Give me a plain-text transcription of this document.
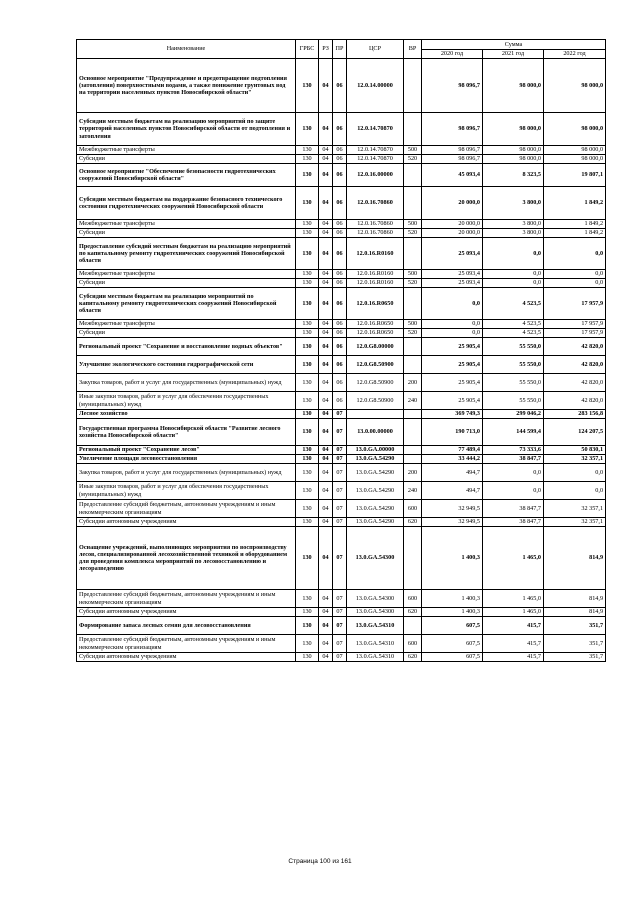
Наименование	ГРБС	РЗ	ПР	ЦСР	ВР	Сумма		
						2020 год	2021 год	2022 год
Основное мероприятие "Предупреждение и предотвращение подтопления (затопления) поверхностными водами, а также понижение грунтовых вод на территории населенных пунктов Новосибирской области"	130	04	06	12.0.14.00000		98 096,7	98 000,0	98 000,0
Субсидии местным бюджетам на реализацию мероприятий по защите территорий населенных пунктов Новосибирской области от подтопления и затопления	130	04	06	12.0.14.70870		98 096,7	98 000,0	98 000,0
Межбюджетные трансферты	130	04	06	12.0.14.70870	500	98 096,7	98 000,0	98 000,0
Субсидии	130	04	06	12.0.14.70870	520	98 096,7	98 000,0	98 000,0
Основное мероприятие "Обеспечение безопасности гидротехнических сооружений Новосибирской области"	130	04	06	12.0.16.00000		45 093,4	8 323,5	19 807,1
Субсидии местным бюджетам на поддержание безопасного технического состояния гидротехнических сооружений Новосибирской области	130	04	06	12.0.16.70860		20 000,0	3 800,0	1 849,2
Межбюджетные трансферты	130	04	06	12.0.16.70860	500	20 000,0	3 800,0	1 849,2
Субсидии	130	04	06	12.0.16.70860	520	20 000,0	3 800,0	1 849,2
Предоставление субсидий местным бюджетам на реализацию мероприятий по капитальному ремонту гидротехнических сооружений Новосибирской области	130	04	06	12.0.16.R0160		25 093,4	0,0	0,0
Межбюджетные трансферты	130	04	06	12.0.16.R0160	500	25 093,4	0,0	0,0
Субсидии	130	04	06	12.0.16.R0160	520	25 093,4	0,0	0,0
Субсидии местным бюджетам на реализацию мероприятий по капитальному ремонту гидротехнических сооружений Новосибирской области	130	04	06	12.0.16.R0650		0,0	4 523,5	17 957,9
Межбюджетные трансферты	130	04	06	12.0.16.R0650	500	0,0	4 523,5	17 957,9
Субсидии	130	04	06	12.0.16.R0650	520	0,0	4 523,5	17 957,9
Региональный проект "Сохранение и восстановление водных объектов"	130	04	06	12.0.G8.00000		25 905,4	55 550,0	42 820,0
Улучшение экологического состояния гидрографической сети	130	04	06	12.0.G8.50900		25 905,4	55 550,0	42 820,0
Закупка товаров, работ и услуг для государственных (муниципальных) нужд	130	04	06	12.0.G8.50900	200	25 905,4	55 550,0	42 820,0
Иные закупки товаров, работ и услуг для обеспечения государственных (муниципальных) нужд	130	04	06	12.0.G8.50900	240	25 905,4	55 550,0	42 820,0
Лесное хозяйство	130	04	07			369 749,3	299 046,2	283 156,8
Государственная программа Новосибирской области "Развитие лесного хозяйства Новосибирской области"	130	04	07	13.0.00.00000		190 713,0	144 599,4	124 207,5
Региональный проект "Сохранение лесов"	130	04	07	13.0.GA.00000		77 489,4	73 333,6	50 830,1
Увеличение площади лесовосстановления	130	04	07	13.0.GA.54290		33 444,2	38 847,7	32 357,1
Закупка товаров, работ и услуг для государственных (муниципальных) нужд	130	04	07	13.0.GA.54290	200	494,7	0,0	0,0
Иные закупки товаров, работ и услуг для обеспечения государственных (муниципальных) нужд	130	04	07	13.0.GA.54290	240	494,7	0,0	0,0
Предоставление субсидий бюджетным, автономным учреждениям и иным некоммерческим организациям	130	04	07	13.0.GA.54290	600	32 949,5	38 847,7	32 357,1
Субсидии автономным учреждениям	130	04	07	13.0.GA.54290	620	32 949,5	38 847,7	32 357,1
Оснащение учреждений, выполняющих мероприятия по воспроизводству лесов, специализированной лесохозяйственной техникой и оборудованием для проведения комплекса мероприятий по лесовосстановлению и лесоразведению	130	04	07	13.0.GA.54300		1 400,3	1 465,0	814,9
Предоставление субсидий бюджетным, автономным учреждениям и иным некоммерческим организациям	130	04	07	13.0.GA.54300	600	1 400,3	1 465,0	814,9
Субсидии автономным учреждениям	130	04	07	13.0.GA.54300	620	1 400,3	1 465,0	814,9
Формирование запаса лесных семян для лесовосстановления	130	04	07	13.0.GA.54310		607,5	415,7	351,7
Предоставление субсидий бюджетным, автономным учреждениям и иным некоммерческим организациям	130	04	07	13.0.GA.54310	600	607,5	415,7	351,7
Субсидии автономным учреждениям	130	04	07	13.0.GA.54310	620	607,5	415,7	351,7
Страница 100 из 161
